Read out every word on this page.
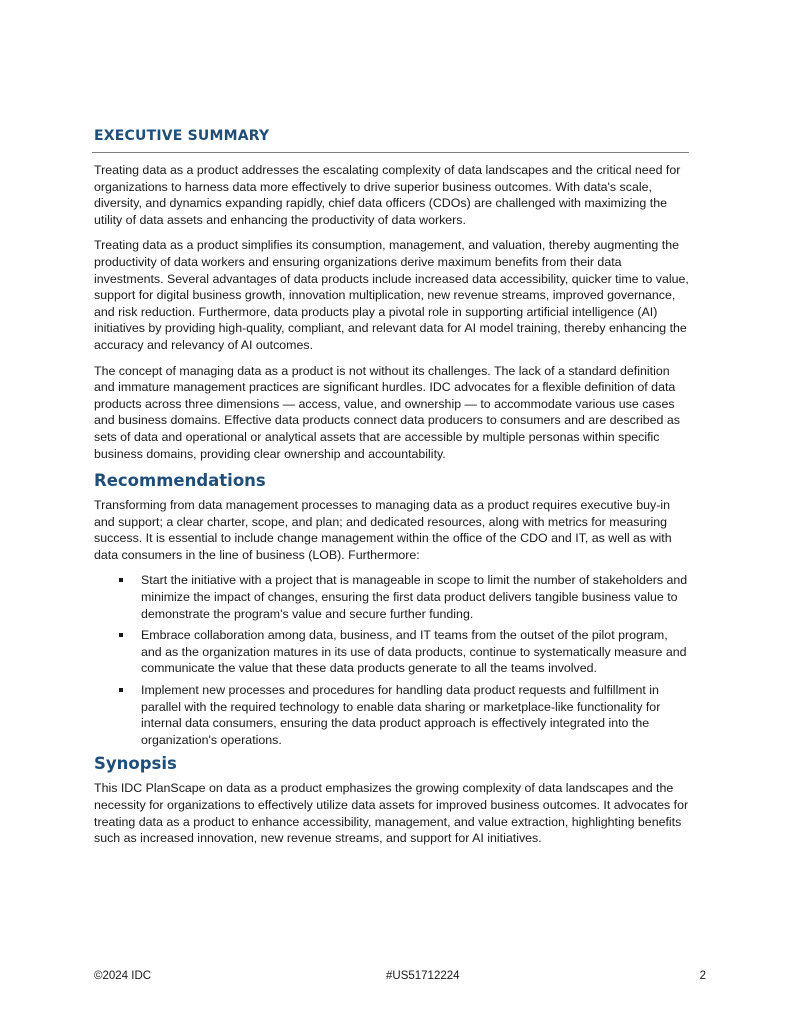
EXECUTIVE SUMMARY

Treating data as a product addresses the escalating complexity of data landscapes and the critical need for organizations to harness data more effectively to drive superior business outcomes. With data's scale, diversity, and dynamics expanding rapidly, chief data officers (CDOs) are challenged with maximizing the utility of data assets and enhancing the productivity of data workers.

Treating data as a product simplifies its consumption, management, and valuation, thereby augmenting the productivity of data workers and ensuring organizations derive maximum benefits from their data investments. Several advantages of data products include increased data accessibility, quicker time to value, support for digital business growth, innovation multiplication, new revenue streams, improved governance, and risk reduction. Furthermore, data products play a pivotal role in supporting artificial intelligence (AI) initiatives by providing high-quality, compliant, and relevant data for AI model training, thereby enhancing the accuracy and relevancy of AI outcomes.

The concept of managing data as a product is not without its challenges. The lack of a standard definition and immature management practices are significant hurdles. IDC advocates for a flexible definition of data products across three dimensions — access, value, and ownership — to accommodate various use cases and business domains. Effective data products connect data producers to consumers and are described as sets of data and operational or analytical assets that are accessible by multiple personas within specific business domains, providing clear ownership and accountability.

Recommendations

Transforming from data management processes to managing data as a product requires executive buy-in and support; a clear charter, scope, and plan; and dedicated resources, along with metrics for measuring success. It is essential to include change management within the office of the CDO and IT, as well as with data consumers in the line of business (LOB). Furthermore:

Start the initiative with a project that is manageable in scope to limit the number of stakeholders and minimize the impact of changes, ensuring the first data product delivers tangible business value to demonstrate the program's value and secure further funding.
Embrace collaboration among data, business, and IT teams from the outset of the pilot program, and as the organization matures in its use of data products, continue to systematically measure and communicate the value that these data products generate to all the teams involved.
Implement new processes and procedures for handling data product requests and fulfillment in parallel with the required technology to enable data sharing or marketplace-like functionality for internal data consumers, ensuring the data product approach is effectively integrated into the organization's operations.
Synopsis

This IDC PlanScape on data as a product emphasizes the growing complexity of data landscapes and the necessity for organizations to effectively utilize data assets for improved business outcomes. It advocates for treating data as a product to enhance accessibility, management, and value extraction, highlighting benefits such as increased innovation, new revenue streams, and support for AI initiatives.

©2024 IDC	#US51712224	2
